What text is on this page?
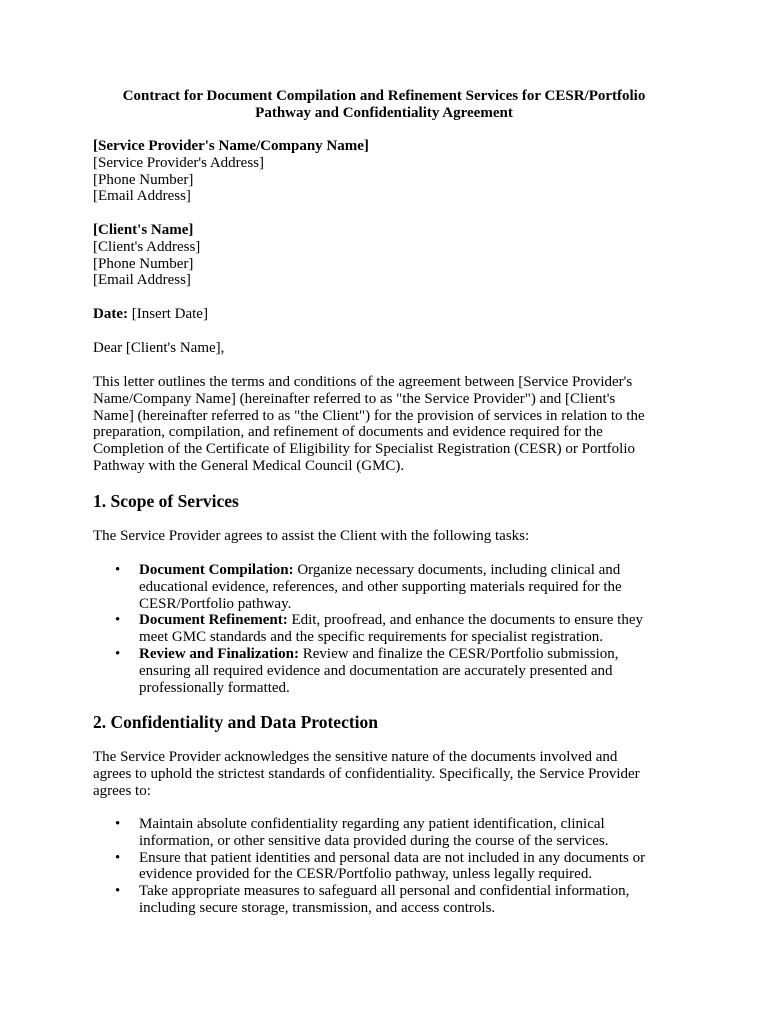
Contract for Document Compilation and Refinement Services for CESR/Portfolio
Pathway and Confidentiality Agreement
[Service Provider's Name/Company Name]
[Service Provider's Address]
[Phone Number]
[Email Address]
[Client's Name]
[Client's Address]
[Phone Number]
[Email Address]
Date: [Insert Date]
Dear [Client's Name],
This letter outlines the terms and conditions of the agreement between [Service Provider's
Name/Company Name] (hereinafter referred to as "the Service Provider") and [Client's
Name] (hereinafter referred to as "the Client") for the provision of services in relation to the
preparation, compilation, and refinement of documents and evidence required for the
Completion of the Certificate of Eligibility for Specialist Registration (CESR) or Portfolio
Pathway with the General Medical Council (GMC).
1. Scope of Services
The Service Provider agrees to assist the Client with the following tasks:
• Document Compilation: Organize necessary documents, including clinical and
educational evidence, references, and other supporting materials required for the
CESR/Portfolio pathway.
• Document Refinement: Edit, proofread, and enhance the documents to ensure they
meet GMC standards and the specific requirements for specialist registration.
• Review and Finalization: Review and finalize the CESR/Portfolio submission,
ensuring all required evidence and documentation are accurately presented and
professionally formatted.
2. Confidentiality and Data Protection
The Service Provider acknowledges the sensitive nature of the documents involved and
agrees to uphold the strictest standards of confidentiality. Specifically, the Service Provider
agrees to:
• Maintain absolute confidentiality regarding any patient identification, clinical
information, or other sensitive data provided during the course of the services.
• Ensure that patient identities and personal data are not included in any documents or
evidence provided for the CESR/Portfolio pathway, unless legally required.
• Take appropriate measures to safeguard all personal and confidential information,
including secure storage, transmission, and access controls.
